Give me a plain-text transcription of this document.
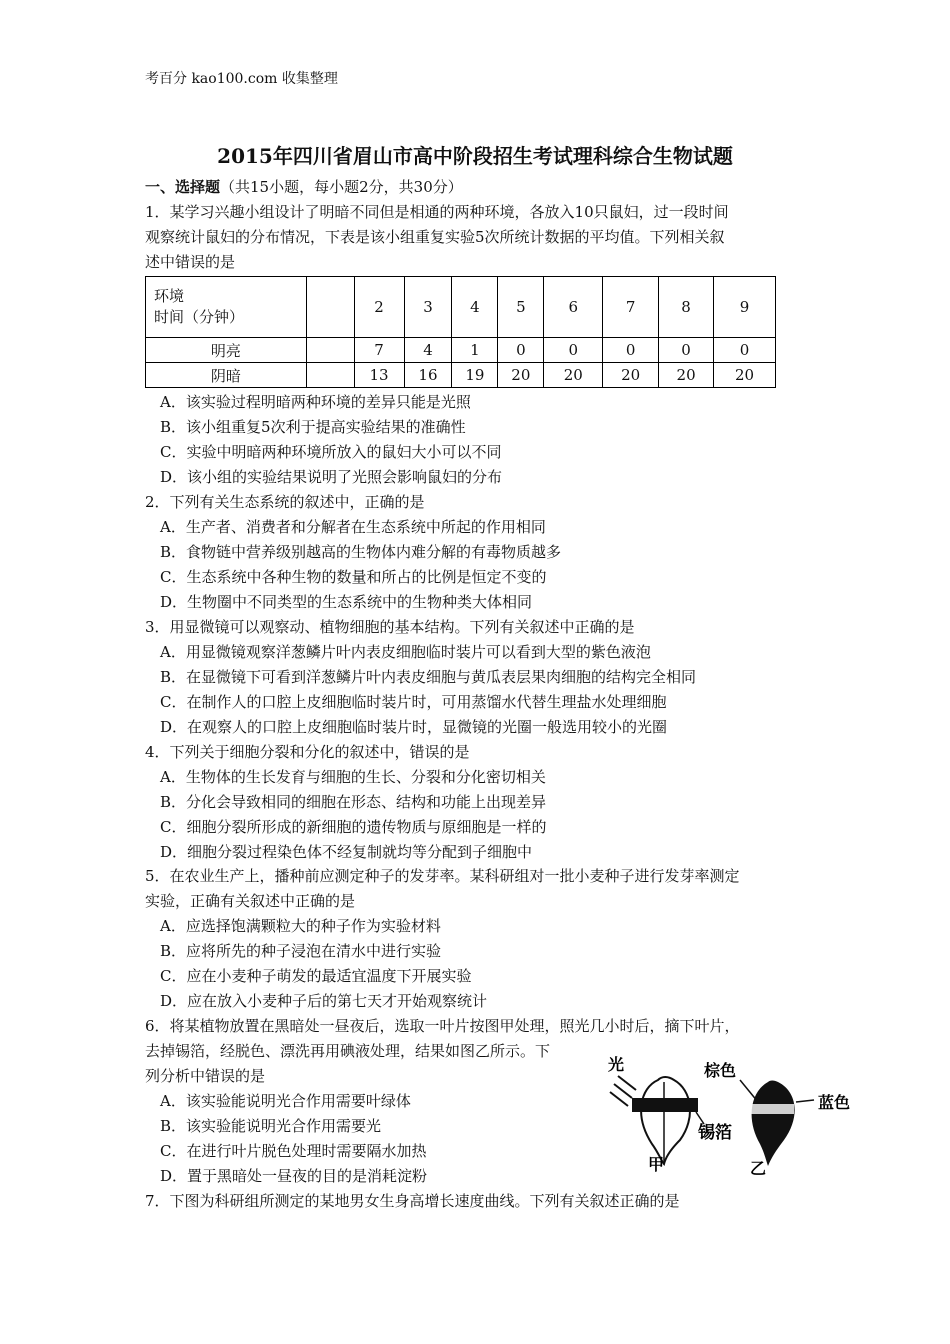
考百分 kao100.com 收集整理
2015年四川省眉山市高中阶段招生考试理科综合生物试题
一、选择题（共15小题，每小题2分，共30分）
1．某学习兴趣小组设计了明暗不同但是相通的两种环境，各放入10只鼠妇，过一段时间
观察统计鼠妇的分布情况，下表是该小组重复实验5次所统计数据的平均值。下列相关叙
述中错误的是
环境
时间（分钟）		2	3	4	5	6	7	8	9
明亮		7	4	1	0	0	0	0	0
阴暗		13	16	19	20	20	20	20	20
A．该实验过程明暗两种环境的差异只能是光照
B．该小组重复5次利于提高实验结果的准确性
C．实验中明暗两种环境所放入的鼠妇大小可以不同
D．该小组的实验结果说明了光照会影响鼠妇的分布
2．下列有关生态系统的叙述中，正确的是
A．生产者、消费者和分解者在生态系统中所起的作用相同
B．食物链中营养级别越高的生物体内难分解的有毒物质越多
C．生态系统中各种生物的数量和所占的比例是恒定不变的
D．生物圈中不同类型的生态系统中的生物种类大体相同
3．用显微镜可以观察动、植物细胞的基本结构。下列有关叙述中正确的是
A．用显微镜观察洋葱鳞片叶内表皮细胞临时装片可以看到大型的紫色液泡
B．在显微镜下可看到洋葱鳞片叶内表皮细胞与黄瓜表层果肉细胞的结构完全相同
C．在制作人的口腔上皮细胞临时装片时，可用蒸馏水代替生理盐水处理细胞
D．在观察人的口腔上皮细胞临时装片时，显微镜的光圈一般选用较小的光圈
4．下列关于细胞分裂和分化的叙述中，错误的是
A．生物体的生长发育与细胞的生长、分裂和分化密切相关
B．分化会导致相同的细胞在形态、结构和功能上出现差异
C．细胞分裂所形成的新细胞的遗传物质与原细胞是一样的
D．细胞分裂过程染色体不经复制就均等分配到子细胞中
5．在农业生产上，播种前应测定种子的发芽率。某科研组对一批小麦种子进行发芽率测定
实验，正确有关叙述中正确的是
A．应选择饱满颗粒大的种子作为实验材料
B．应将所先的种子浸泡在清水中进行实验
C．应在小麦种子萌发的最适宜温度下开展实验
D．应在放入小麦种子后的第七天才开始观察统计
6．将某植物放置在黑暗处一昼夜后，选取一叶片按图甲处理，照光几小时后，摘下叶片，
去掉锡箔，经脱色、漂洗再用碘液处理，结果如图乙所示。下
列分析中错误的是
A．该实验能说明光合作用需要叶绿体
B．该实验能说明光合作用需要光
C．在进行叶片脱色处理时需要隔水加热
D．置于黑暗处一昼夜的目的是消耗淀粉
光
锡箔
甲
棕色
蓝色
乙
7．下图为科研组所测定的某地男女生身高增长速度曲线。下列有关叙述正确的是
